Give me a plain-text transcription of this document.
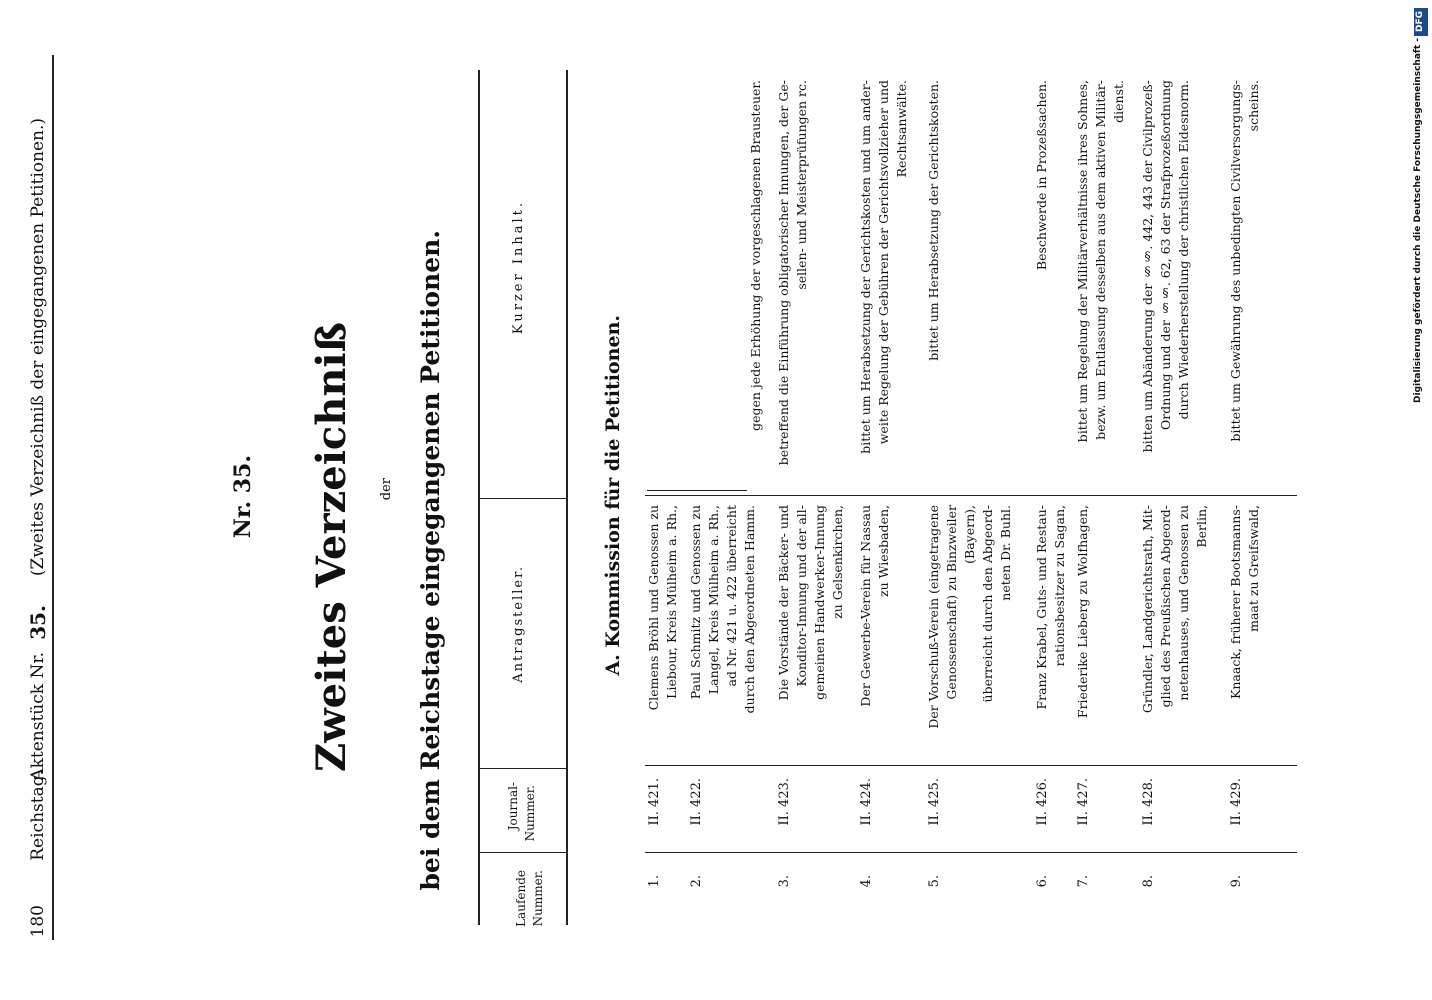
180
Reichstag.
Aktenstück Nr.
35.
(Zweites Verzeichniß der eingegangenen Petitionen.)	Nr. 35. Zweites Verzeichniß der bei dem Reichstage eingegangenen Petitionen.
Laufende Nummer.
Journal- Nummer.
Antragsteller.
Kurzer Inhalt.
A. Kommission für die Petitionen.
1.
II. 421.
Clemens Bröhl und Genossen zu Liebour, Kreis Mülheim a. Rh.,
2.
II. 422.
Paul Schmitz und Genossen zu Langel, Kreis Mülheim a. Rh., ad Nr. 421 u. 422 überreicht durch den Abgeordneten Hamm.
gegen jede Erhöhung der vorgeschlagenen Brausteuer.
3.
II. 423.
Die Vorstände der Bäcker- und Konditor-Innung und der all- gemeinen Handwerker-Innung zu Gelsenkirchen,
betreffend die Einführung obligatorischer Innungen, der Ge- sellen- und Meisterprüfungen rc.
4.
II. 424.
Der Gewerbe-Verein für Nassau zu Wiesbaden,
bittet um Herabsetzung der Gerichtskosten und um ander- weite Regelung der Gebühren der Gerichtsvollzieher und Rechtsanwälte.
5.
II. 425.
Der Vorschuß-Verein (eingetragene Genossenschaft) zu Binzweiler (Bayern), überreicht durch den Abgeord- neten Dr. Buhl.
bittet um Herabsetzung der Gerichtskosten.
6.
II. 426.
Franz Krabel, Guts- und Restau- rationsbesitzer zu Sagan,
Beschwerde in Prozeßsachen.
7.
II. 427.
Friederike Lieberg zu Wolfhagen,
bittet um Regelung der Militärverhältnisse ihres Sohnes, bezw. um Entlassung desselben aus dem aktiven Militär- dienst.
8.
II. 428.
Gründler, Landgerichtsrath, Mit- glied des Preußischen Abgeord- netenhauses, und Genossen zu Berlin,
bitten um Abänderung der §§. 442, 443 der Civilprozeß- Ordnung und der §§. 62, 63 der Strafprozeßordnung durch Wiederherstellung der christlichen Eidesnorm.
9.
II. 429.
Knaack, früherer Bootsmanns- maat zu Greifswald,
bittet um Gewährung des unbedingten Civilversorgungs- scheins.	Digitalisierung gefördert durch die Deutsche Forschungsgemeinschaft -
DFG
